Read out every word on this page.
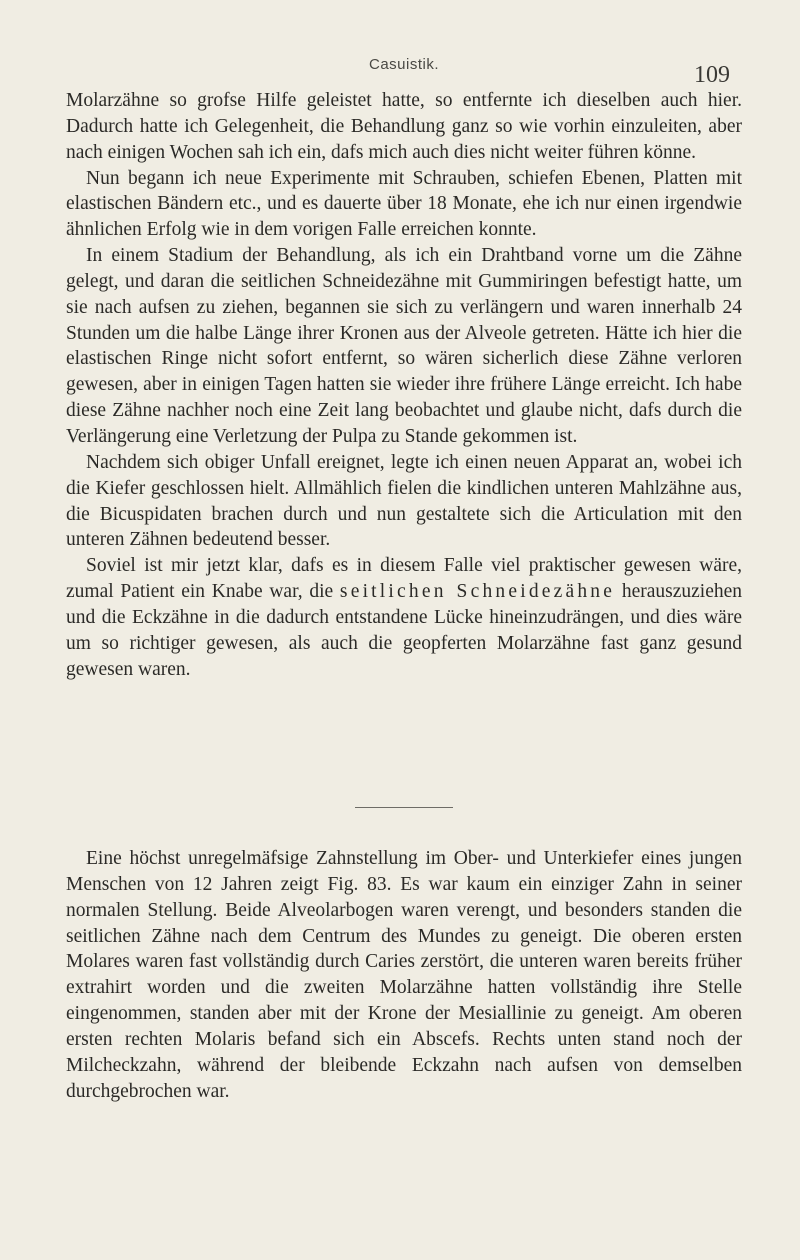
Casuistik.	109

Molarzähne so grofse Hilfe geleistet hatte, so entfernte ich dieselben auch hier. Dadurch hatte ich Gelegenheit, die Behandlung ganz so wie vorhin einzuleiten, aber nach einigen Wochen sah ich ein, dafs mich auch dies nicht weiter führen könne.

Nun begann ich neue Experimente mit Schrauben, schiefen Ebenen, Platten mit elastischen Bändern etc., und es dauerte über 18 Monate, ehe ich nur einen irgendwie ähnlichen Erfolg wie in dem vorigen Falle erreichen konnte.

In einem Stadium der Behandlung, als ich ein Drahtband vorne um die Zähne gelegt, und daran die seitlichen Schneidezähne mit Gummiringen befestigt hatte, um sie nach aufsen zu ziehen, begannen sie sich zu verlängern und waren innerhalb 24 Stunden um die halbe Länge ihrer Kronen aus der Alveole getreten. Hätte ich hier die elastischen Ringe nicht sofort entfernt, so wären sicherlich diese Zähne verloren gewesen, aber in einigen Tagen hatten sie wieder ihre frühere Länge erreicht. Ich habe diese Zähne nachher noch eine Zeit lang beobachtet und glaube nicht, dafs durch die Verlängerung eine Verletzung der Pulpa zu Stande gekommen ist.

Nachdem sich obiger Unfall ereignet, legte ich einen neuen Apparat an, wobei ich die Kiefer geschlossen hielt. Allmählich fielen die kindlichen unteren Mahlzähne aus, die Bicuspidaten brachen durch und nun gestaltete sich die Articulation mit den unteren Zähnen bedeutend besser.

Soviel ist mir jetzt klar, dafs es in diesem Falle viel praktischer gewesen wäre, zumal Patient ein Knabe war, die seitlichen Schneidezähne herauszuziehen und die Eckzähne in die dadurch entstandene Lücke hineinzudrängen, und dies wäre um so richtiger gewesen, als auch die geopferten Molarzähne fast ganz gesund gewesen waren.

Eine höchst unregelmäfsige Zahnstellung im Ober- und Unterkiefer eines jungen Menschen von 12 Jahren zeigt Fig. 83. Es war kaum ein einziger Zahn in seiner normalen Stellung. Beide Alveolarbogen waren verengt, und besonders standen die seitlichen Zähne nach dem Centrum des Mundes zu geneigt. Die oberen ersten Molares waren fast vollständig durch Caries zerstört, die unteren waren bereits früher extrahirt worden und die zweiten Molarzähne hatten vollständig ihre Stelle eingenommen, standen aber mit der Krone der Mesiallinie zu geneigt. Am oberen ersten rechten Molaris befand sich ein Abscefs. Rechts unten stand noch der Milcheckzahn, während der bleibende Eckzahn nach aufsen von demselben durchgebrochen war.
